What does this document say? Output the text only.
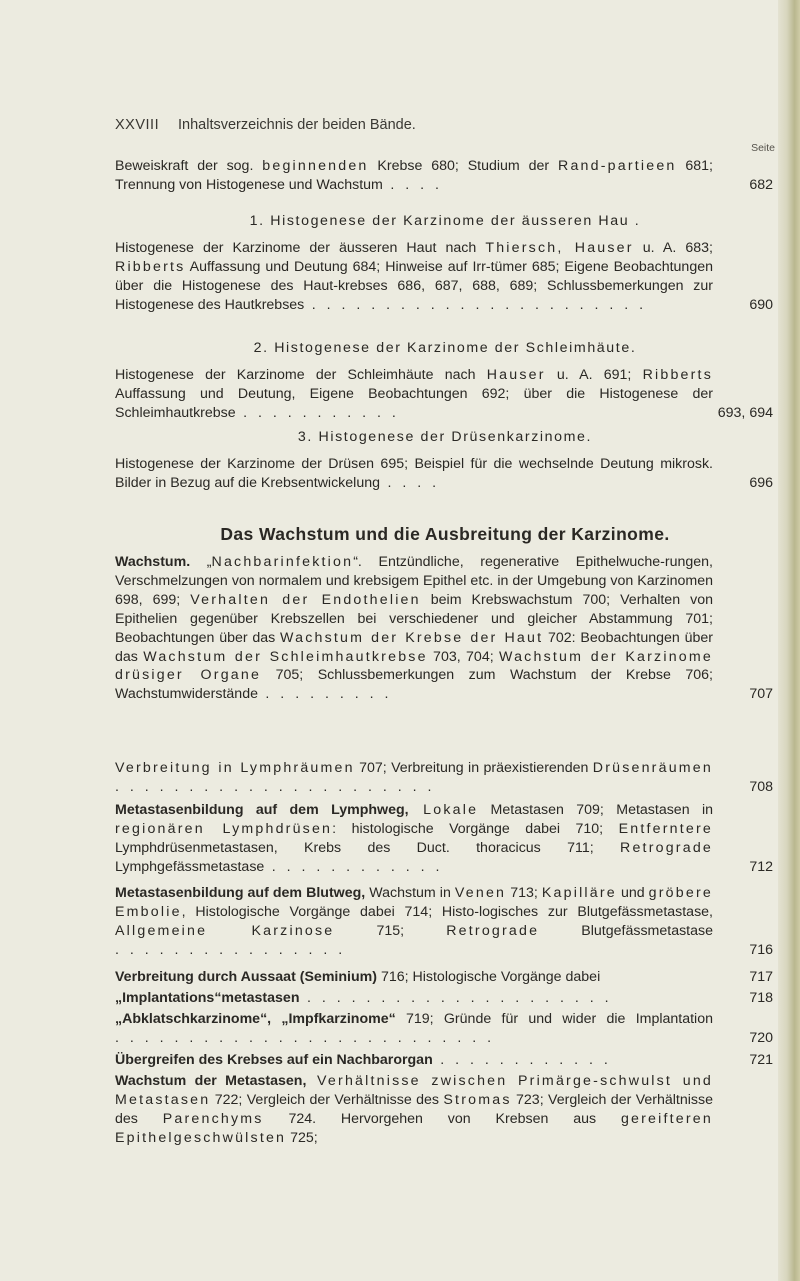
XXVIII Inhaltsverzeichnis der beiden Bände.
Seite
Beweiskraft der sog. beginnenden Krebse 680; Studium der Rand-partieen 681; Trennung von Histogenese und Wachstum . . . .	682
1. Histogenese der Karzinome der äusseren Hau .
Histogenese der Karzinome der äusseren Haut nach Thiersch, Hauser u. A. 683; Ribberts Auffassung und Deutung 684; Hinweise auf Irr-tümer 685; Eigene Beobachtungen über die Histogenese des Haut-krebses 686, 687, 688, 689; Schlussbemerkungen zur Histogenese des Hautkrebses . . . . . . . . . . . . . . . . . . . . . . .	690
2. Histogenese der Karzinome der Schleimhäute.
Histogenese der Karzinome der Schleimhäute nach Hauser u. A. 691; Ribberts Auffassung und Deutung, Eigene Beobachtungen 692; über die Histogenese der Schleimhautkrebse . . . . . . . . . . .	693, 694
3. Histogenese der Drüsenkarzinome.
Histogenese der Karzinome der Drüsen 695; Beispiel für die wechselnde Deutung mikrosk. Bilder in Bezug auf die Krebsentwickelung . . . .	696
Das Wachstum und die Ausbreitung der Karzinome.
Wachstum. „Nachbarinfektion“. Entzündliche, regenerative Epithelwuche-rungen, Verschmelzungen von normalem und krebsigem Epithel etc. in der Umgebung von Karzinomen 698, 699; Verhalten der Endothelien beim Krebswachstum 700; Verhalten von Epithelien gegenüber Krebszellen bei verschiedener und gleicher Abstammung 701; Beobachtungen über das Wachstum der Krebse der Haut 702: Beobachtungen über das Wachstum der Schleimhautkrebse 703, 704; Wachstum der Karzinome drüsiger Organe 705; Schlussbemerkungen zum Wachstum der Krebse 706; Wachstumwiderstände . . . . . . . . .	707
Verbreitung in Lymphräumen 707; Verbreitung in präexistierenden Drüsenräumen . . . . . . . . . . . . . . . . . . . . . .	708
Metastasenbildung auf dem Lymphweg, Lokale Metastasen 709; Metastasen in regionären Lymphdrüsen: histologische Vorgänge dabei 710; Entferntere Lymphdrüsenmetastasen, Krebs des Duct. thoracicus 711; Retrograde Lymphgefässmetastase . . . . . . . . . . . .	712
Metastasenbildung auf dem Blutweg, Wachstum in Venen 713; Kapilläre und gröbere Embolie, Histologische Vorgänge dabei 714; Histo-logisches zur Blutgefässmetastase, Allgemeine Karzinose 715; Retrograde Blutgefässmetastase . . . . . . . . . . . . . . . .	716
Verbreitung durch Aussaat (Seminium) 716; Histologische Vorgänge dabei	717
„Implantations“metastasen . . . . . . . . . . . . . . . . . . . . .	718
„Abklatschkarzinome“, „Impfkarzinome“ 719; Gründe für und wider die Implantation . . . . . . . . . . . . . . . . . . . . . . . . . .	720
Übergreifen des Krebses auf ein Nachbarorgan . . . . . . . . . . . .	721
Wachstum der Metastasen, Verhältnisse zwischen Primärge-schwulst und Metastasen 722; Vergleich der Verhältnisse des Stromas 723; Vergleich der Verhältnisse des Parenchyms 724. Hervorgehen von Krebsen aus gereifteren Epithelgeschwülsten 725;
